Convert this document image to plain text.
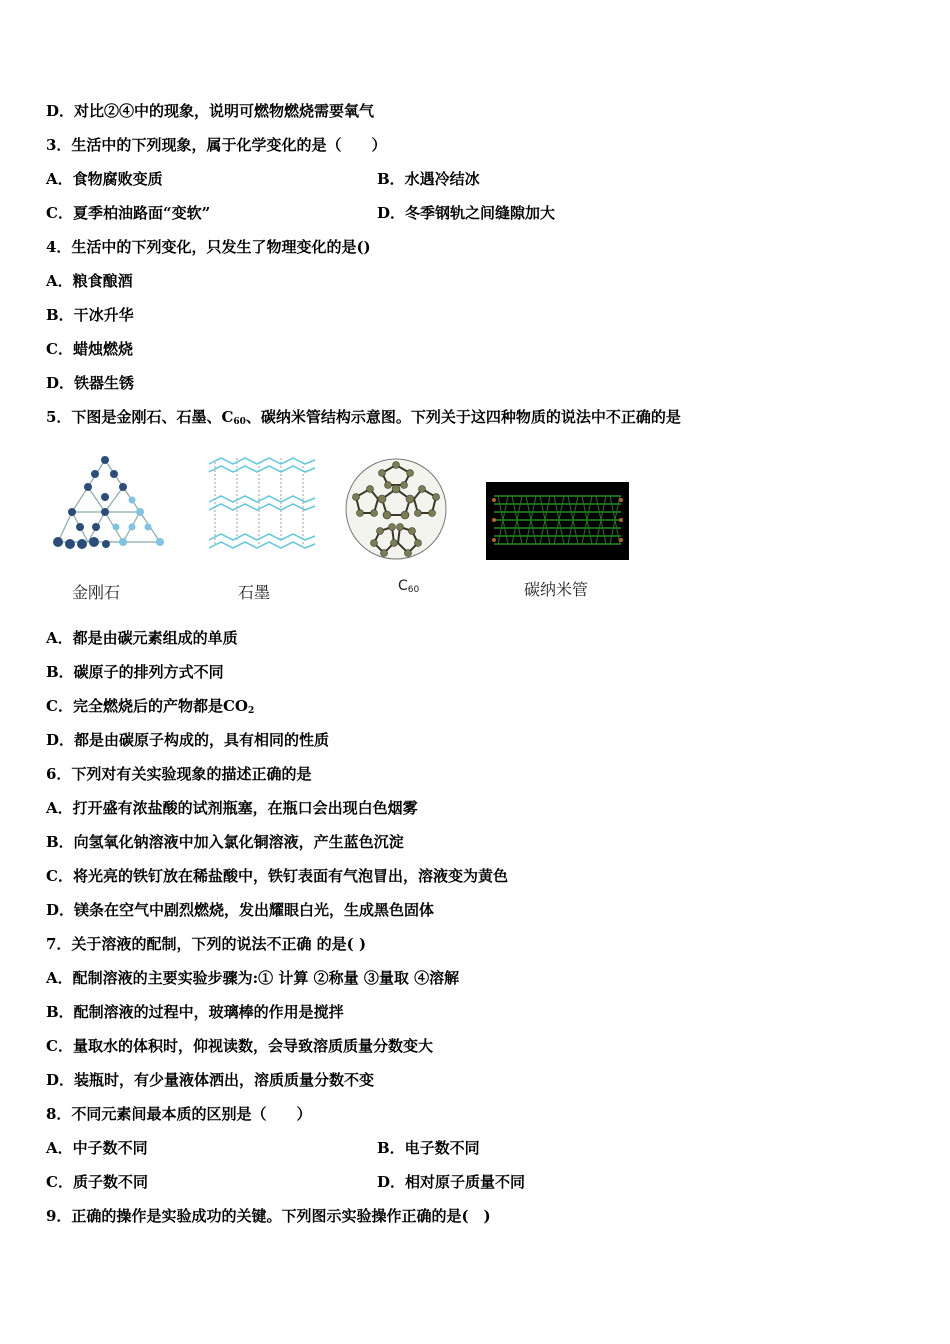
D．对比②④中的现象，说明可燃物燃烧需要氧气
3．生活中的下列现象，属于化学变化的是（　　）
A．食物腐败变质	B．水遇冷结冰
C．夏季柏油路面“变软”	D．冬季钢轨之间缝隙加大
4．生活中的下列变化，只发生了物理变化的是()
A．粮食酿酒
B．干冰升华
C．蜡烛燃烧
D．铁器生锈
5．下图是金刚石、石墨、$C_{60}$、碳纳米管结构示意图。下列关于这四种物质的说法中不正确的是
金刚石	石墨	$C_{60}$	碳纳米管
A．都是由碳元素组成的单质
B．碳原子的排列方式不同
C．完全燃烧后的产物都是$CO_2$
D．都是由碳原子构成的，具有相同的性质
6．下列对有关实验现象的描述正确的是
A．打开盛有浓盐酸的试剂瓶塞，在瓶口会出现白色烟雾
B．向氢氧化钠溶液中加入氯化铜溶液，产生蓝色沉淀
C．将光亮的铁钉放在稀盐酸中，铁钉表面有气泡冒出，溶液变为黄色
D．镁条在空气中剧烈燃烧，发出耀眼白光，生成黑色固体
7．关于溶液的配制，下列的说法不正确 的是( )
A．配制溶液的主要实验步骤为:① 计算 ②称量 ③量取 ④溶解
B．配制溶液的过程中，玻璃棒的作用是搅拌
C．量取水的体积时，仰视读数，会导致溶质质量分数变大
D．装瓶时，有少量液体洒出，溶质质量分数不变
8．不同元素间最本质的区别是（　　）
A．中子数不同	B．电子数不同
C．质子数不同	D．相对原子质量不同
9．正确的操作是实验成功的关键。下列图示实验操作正确的是(　)
